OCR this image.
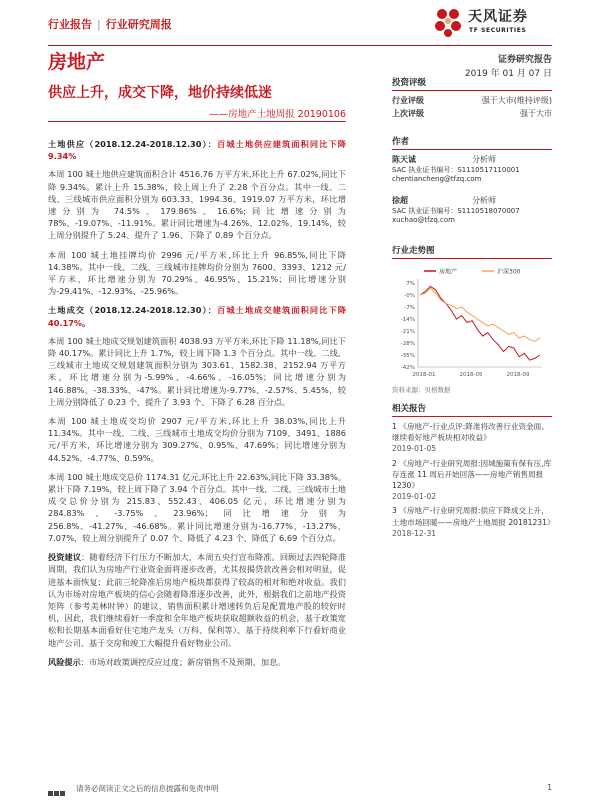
行业报告 | 行业研究周报	天风证券
TF SECURITIES
房地产	证券研究报告
2019 年 01 月 07 日
供应上升，成交下降，地价持续低迷
——房地产土地周报 20190106

土地供应（2018.12.24-2018.12.30）：百城土地供应建筑面积同比下降 9.34%

本周 100 城土地供应建筑面积合计 4516.76 万平方米,环比上升 67.02%,同比下降 9.34%。累计上升 15.38%，较上周上升了 2.28 个百分点。其中一线、二线、三线城市供应面积分别为 603.33、1994.36、1919.07 万平方米，环比增速分别为 74.5%、179.86%、16.6%;同比增速分别为 78%、-19.07%、-11.91%。累计同比增速为-4.26%、12.02%、19.14%，较上周分别提升了 5.24、提升了 1.96、下降了 0.89 个百分点。

本周 100 城土地挂牌均价 2996 元/平方米,环比上升 96.85%,同比下降 14.38%。其中一线、二线、三线城市挂牌均价分别为 7600、3393、1212 元/平方米，环比增速分别为 70.29%、46.95%、15.21%；同比增速分别为-29.41%、-12.93%、-25.96%。

土地成交（2018.12.24-2018.12.30）：百城土地成交建筑面积同比下降 40.17%。

本周 100 城土地成交规划建筑面积 4038.93 万平方米,环比下降 11.18%,同比下降 40.17%。累计同比上升 1.7%，较上周下降 1.3 个百分点。其中一线、二线、三线城市土地成交规划建筑面积分别为 303.61、1582.38、2152.94 万平方米，环比增速分别为-5.99%、-4.66%、-16.05%；同比增速分别为 146.88%、-38.33%、-47%。累计同比增速为-9.77%、-2.57%、5.45%，较上周分别降低了 0.23 个、提升了 3.93 个、下降了 6.28 百分点。

本周 100 城土地成交均价 2907 元/平方米,环比上升 38.03%,同比上升 11.34%。其中一线、二线、三线城市土地成交均价分别为 7109、3491、1886 元/平方米，环比增速分别为 309.27%、0.95%、47.69%；同比增速分别为 44.52%、-4.77%、0.59%。

本周 100 城土地成交总价 1174.31 亿元,环比上升 22.63%,同比下降 33.38%。累计下降 7.19%，较上周下降了 3.94 个百分点。其中一线、二线、三线城市土地成交总价分别为 215.83、552.43、406.05 亿元，环比增速分别为 284.83%、-3.75%、23.96%；同比增速分别为 256.8%、-41.27%、-46.68%。累计同比增速分别为-16.77%、-13.27%、7.07%，较上周分别提升了 0.07 个、降低了 4.23 个、降低了 6.69 个百分点。

投资建议：随着经济下行压力不断加大，本周五央行宣布降准。回顾过去四轮降准周期，我们认为房地产行业资金面将逐步改善，尤其按揭贷款改善会相对明显，促进基本面恢复；此前三轮降准后房地产板块都获得了较高的相对和绝对收益。我们认为市场对房地产板块的信心会随着降准逐步改善，此外，根据我们之前地产投资矩阵（参考美林时钟）的建议，销售面积累计增速转负后是配置地产股的较好时机，因此，我们继续看好一季度和全年地产板块获取超额收益的机会，基于政策宽松和长期基本面看好住宅地产龙头（万科、保利等）、基于持续利率下行看好商业地产公司、基于交房和竣工大幅提升看好物业公司。

风险提示：市场对政策调控反应过度；新房销售不及预期，加息。

投资评级
行业评级	强于大市(维持评级)
上次评级	强于大市
作者
陈天诚	分析师
SAC 执业证书编号：S1110517110001
chentiancheng@tfzq.com
徐超	分析师
SAC 执业证书编号：S1110518070007
xuchao@tfzq.com
行业走势图
房地产	沪深300
7%
-0%
-7%
-14%
-21%
-28%
-35%
-42%
2018-01	2018-05	2018-09
资料来源：贝格数据
相关报告
1 《房地产-行业点评:降准将改善行业资金面、继续看好地产板块相对收益》
2019-01-05
2 《房地产-行业研究周报:因城施策有保有压,库存连涨 11 周后开始回落——房地产销售周报 1230》
2019-01-02
3 《房地产-行业研究周报:供应下降成交上升，土地市场回暖——房地产土地周报 20181231》
2018-12-31

请务必阅读正文之后的信息披露和免责申明	1
